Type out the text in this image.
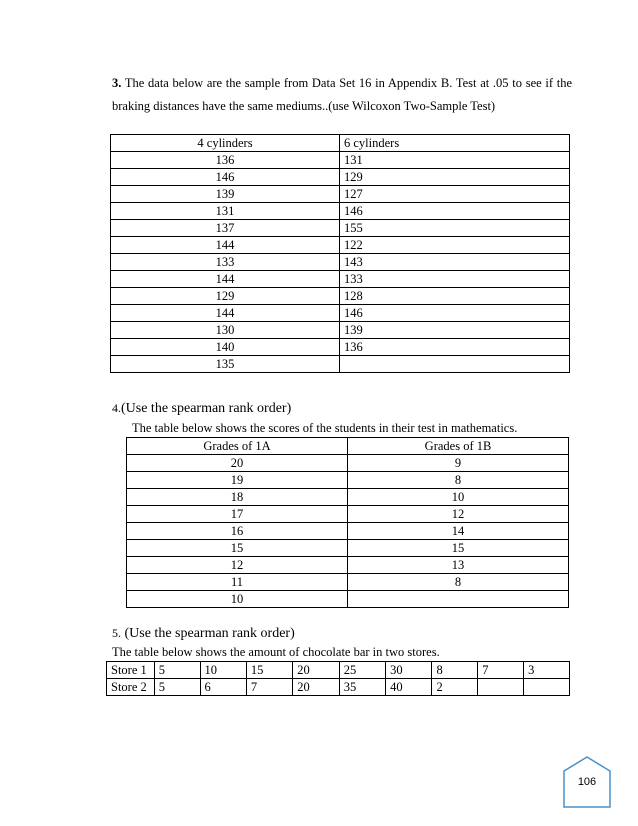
3. The data below are the sample from Data Set 16 in Appendix B. Test at .05 to see if the braking distances have the same mediums..(use Wilcoxon Two-Sample Test)
4 cylinders	6 cylinders
136	131
146	129
139	127
131	146
137	155
144	122
133	143
144	133
129	128
144	146
130	139
140	136
135	
4.(Use the spearman rank order)
The table below shows the scores of the students in their test in mathematics.
Grades of 1A	Grades of 1B
20	9
19	8
18	10
17	12
16	14
15	15
12	13
11	8
10	
5. (Use the spearman rank order)
The table below shows the amount of chocolate bar in two stores.
Store 1	5	10	15	20	25	30	8	7	3
Store 2	5	6	7	20	35	40	2		
106
